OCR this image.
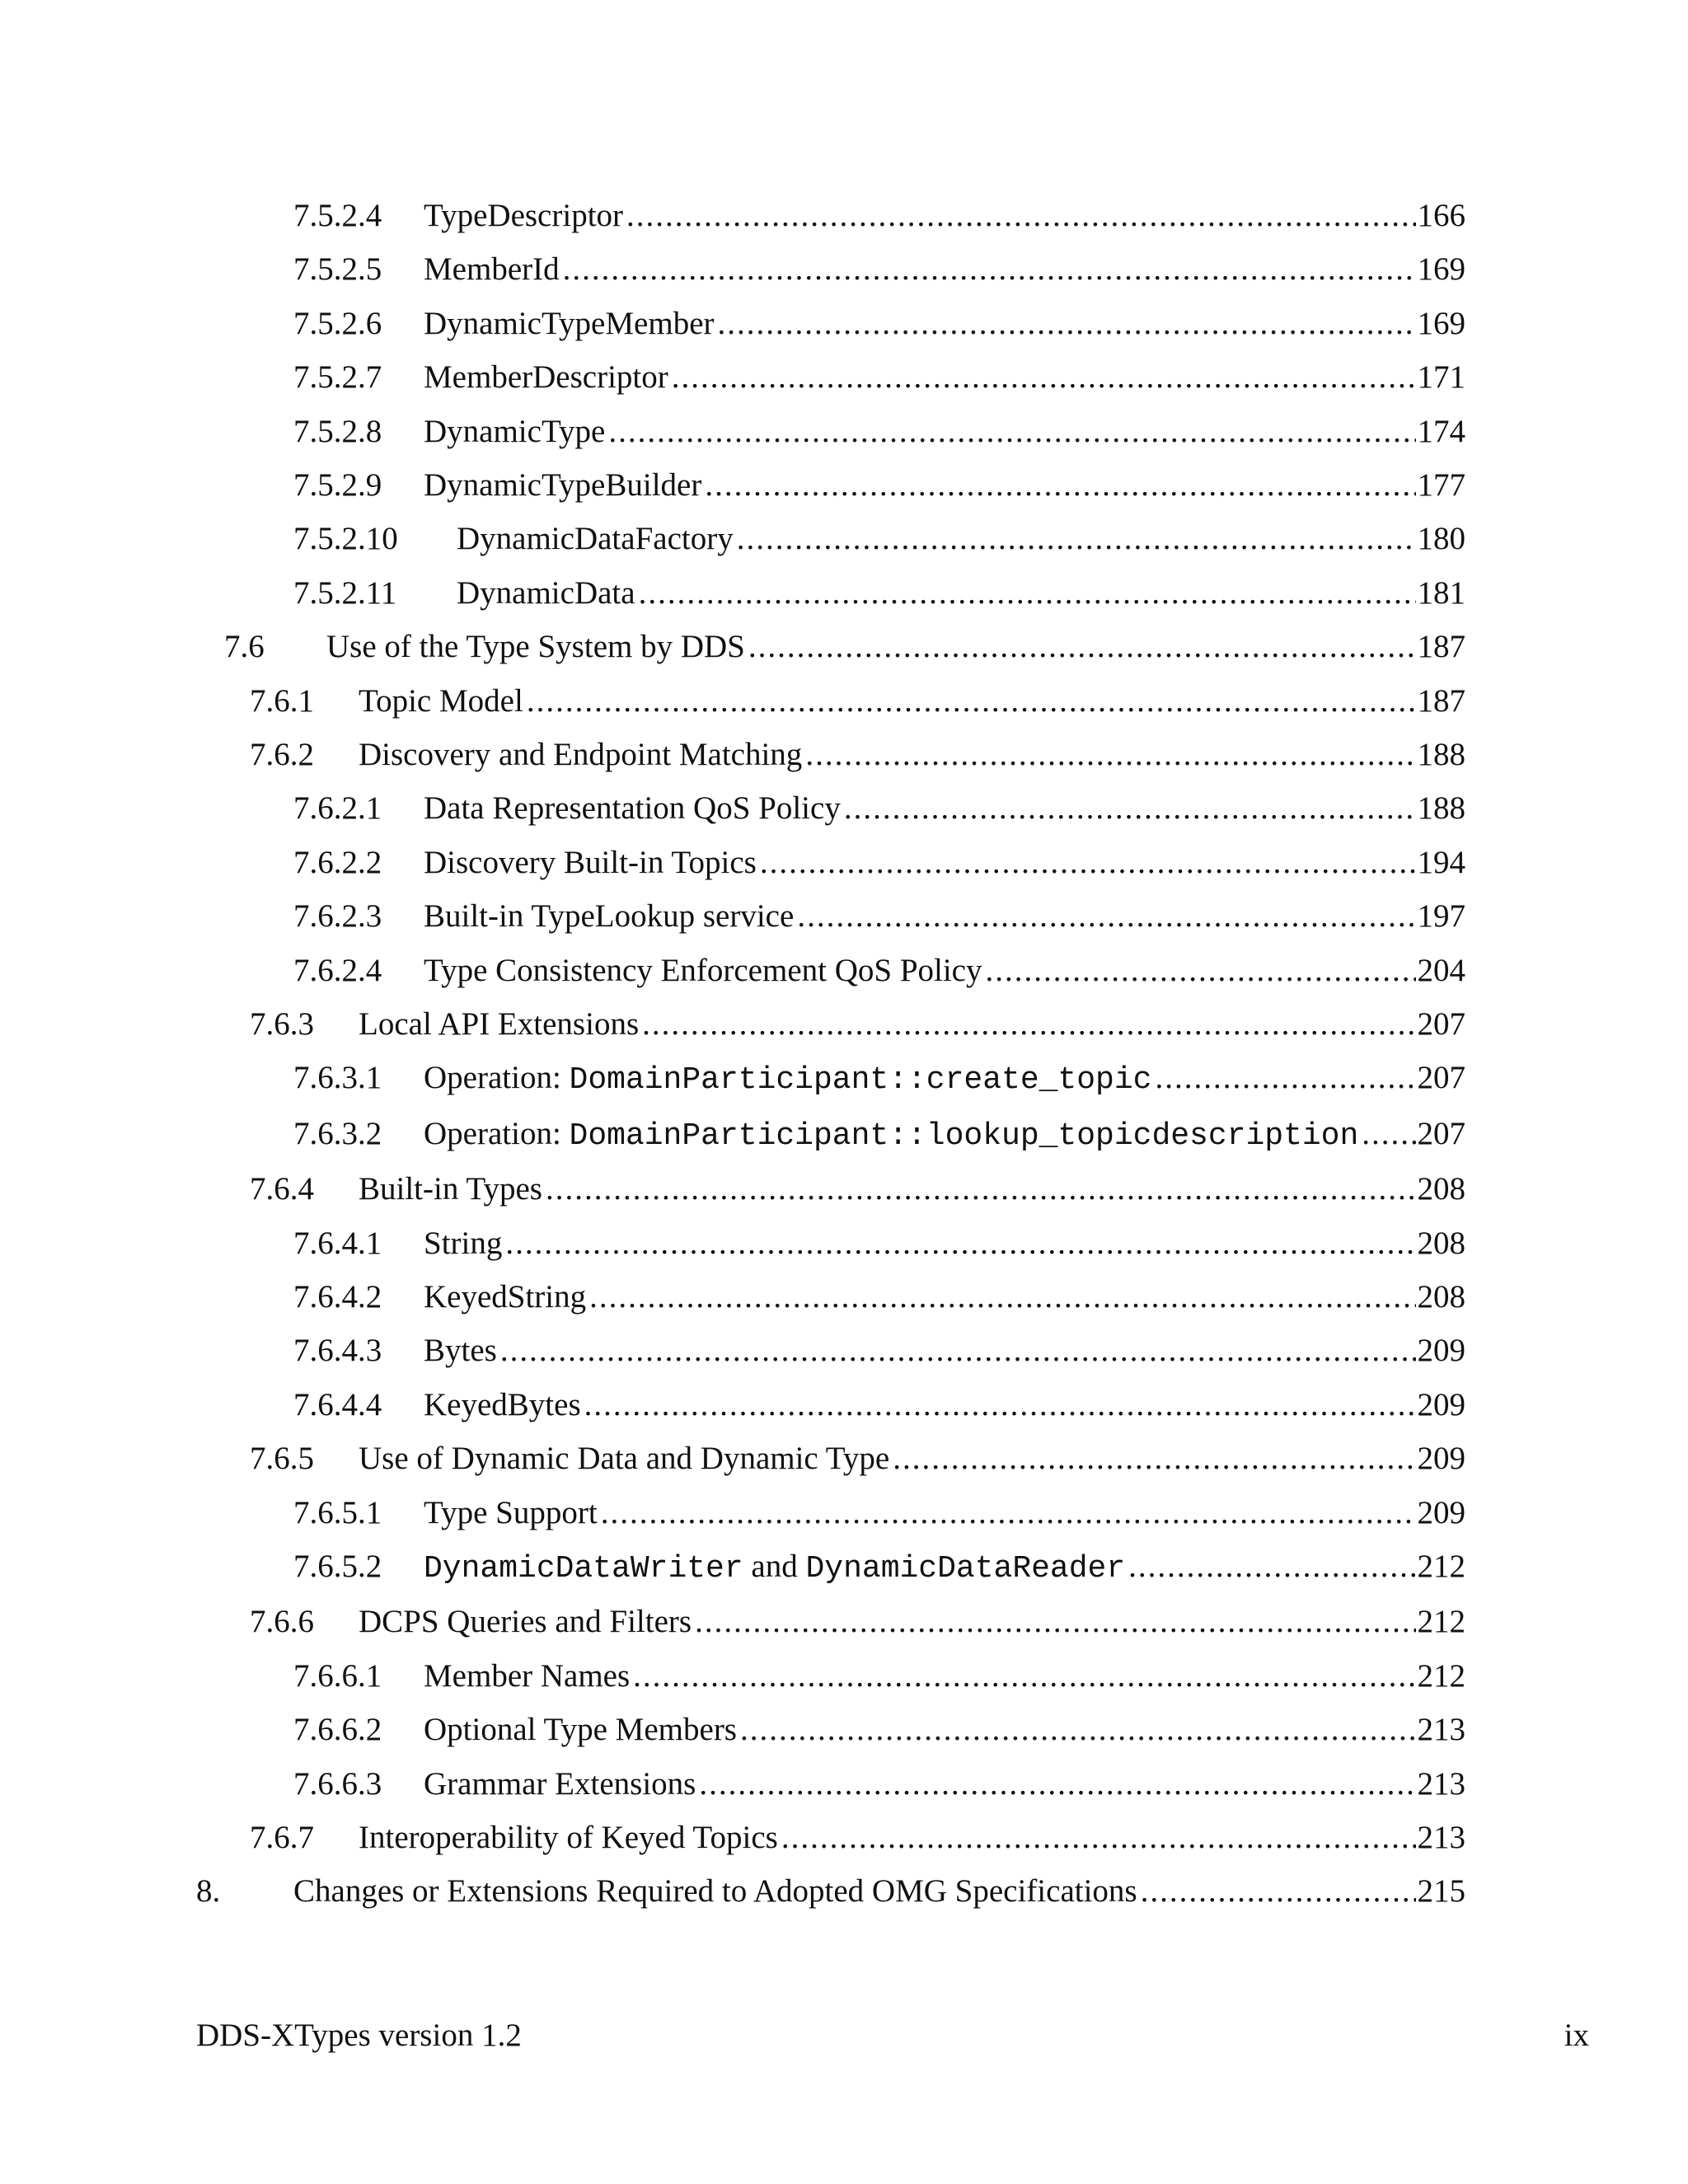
7.5.2.4	TypeDescriptor .....	166
7.5.2.5	MemberId .....	169
7.5.2.6	DynamicTypeMember .....	169
7.5.2.7	MemberDescriptor .....	171
7.5.2.8	DynamicType .....	174
7.5.2.9	DynamicTypeBuilder .....	177
7.5.2.10	DynamicDataFactory .....	180
7.5.2.11	DynamicData .....	181
7.6	Use of the Type System by DDS .....	187
7.6.1	Topic Model .....	187
7.6.2	Discovery and Endpoint Matching .....	188
7.6.2.1	Data Representation QoS Policy .....	188
7.6.2.2	Discovery Built-in Topics .....	194
7.6.2.3	Built-in TypeLookup service .....	197
7.6.2.4	Type Consistency Enforcement QoS Policy .....	204
7.6.3	Local API Extensions .....	207
7.6.3.1	Operation: DomainParticipant::create_topic .....	207
7.6.3.2	Operation: DomainParticipant::lookup_topicdescription ..... 207
7.6.4	Built-in Types .....	208
7.6.4.1	String .....	208
7.6.4.2	KeyedString .....	208
7.6.4.3	Bytes .....	209
7.6.4.4	KeyedBytes .....	209
7.6.5	Use of Dynamic Data and Dynamic Type .....	209
7.6.5.1	Type Support .....	209
7.6.5.2	DynamicDataWriter and DynamicDataReader .....	212
7.6.6	DCPS Queries and Filters .....	212
7.6.6.1	Member Names .....	212
7.6.6.2	Optional Type Members .....	213
7.6.6.3	Grammar Extensions .....	213
7.6.7	Interoperability of Keyed Topics .....	213
8.	Changes or Extensions Required to Adopted OMG Specifications .....	215
DDS-XTypes version 1.2	ix
